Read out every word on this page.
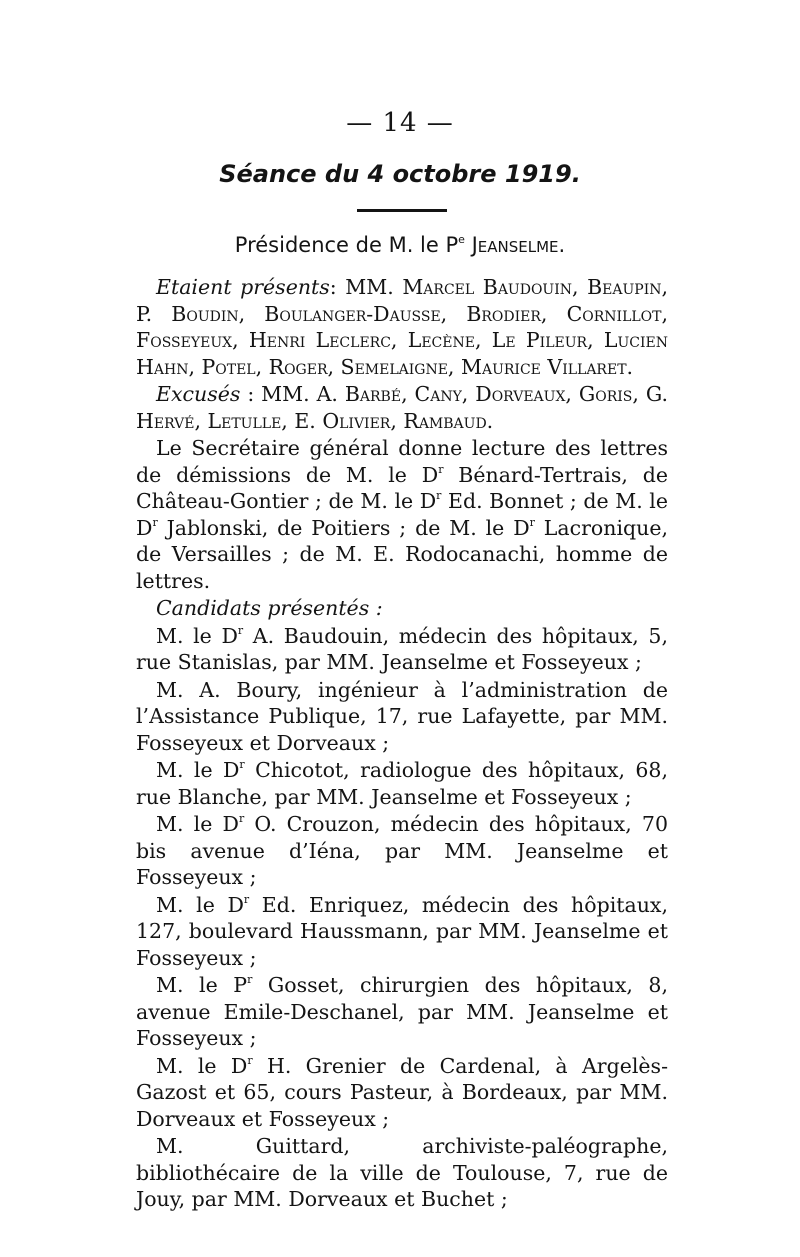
— 14 —
Séance du 4 octobre 1919.
Présidence de M. le $P^e$ Jeanselme.

Etaient présents: MM. Marcel Baudouin, Beaupin, P. Boudin, Boulanger-Dausse, Brodier, Cornillot, Fosseyeux, Henri Leclerc, Lecène, Le Pileur, Lucien Hahn, Potel, Roger, Semelaigne, Maurice Villaret.

Excusés : MM. A. Barbé, Cany, Dorveaux, Goris, G. Hervé, Letulle, E. Olivier, Rambaud.

Le Secrétaire général donne lecture des lettres de démissions de M. le $D^r$ Bénard-Tertrais, de Château-Gontier ; de M. le $D^r$ Ed. Bonnet ; de M. le $D^r$ Jablonski, de Poitiers ; de M. le $D^r$ Lacronique, de Versailles ; de M. E. Rodocanachi, homme de lettres.

Candidats présentés :

M. le $D^r$ A. Baudouin, médecin des hôpitaux, 5, rue Stanislas, par MM. Jeanselme et Fosseyeux ;

M. A. Boury, ingénieur à l’administration de l’Assistance Publique, 17, rue Lafayette, par MM. Fosseyeux et Dorveaux ;

M. le $D^r$ Chicotot, radiologue des hôpitaux, 68, rue Blanche, par MM. Jeanselme et Fosseyeux ;

M. le $D^r$ O. Crouzon, médecin des hôpitaux, 70 bis avenue d’Iéna, par MM. Jeanselme et Fosseyeux ;

M. le $D^r$ Ed. Enriquez, médecin des hôpitaux, 127, boulevard Haussmann, par MM. Jeanselme et Fosseyeux ;

M. le $P^r$ Gosset, chirurgien des hôpitaux, 8, avenue Emile-Deschanel, par MM. Jeanselme et Fosseyeux ;

M. le $D^r$ H. Grenier de Cardenal, à Argelès-Gazost et 65, cours Pasteur, à Bordeaux, par MM. Dorveaux et Fosseyeux ;

M. Guittard, archiviste-paléographe, bibliothécaire de la ville de Toulouse, 7, rue de Jouy, par MM. Dorveaux et Buchet ;
